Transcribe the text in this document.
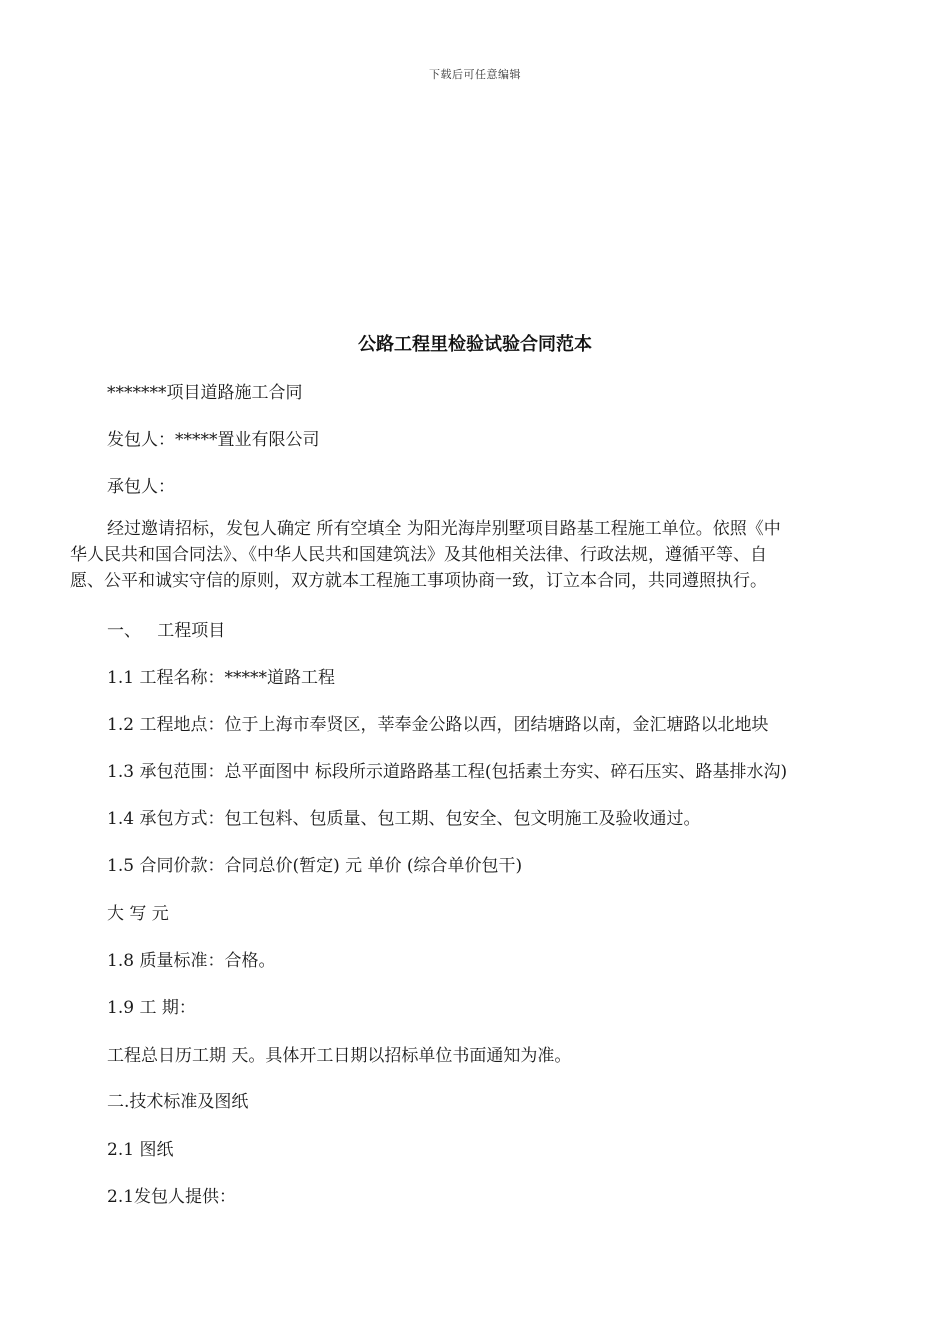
下载后可任意编辑
公路工程里检验试验合同范本
*******项目道路施工合同
发包人：*****置业有限公司
承包人：
经过邀请招标，发包人确定 所有空填全 为阳光海岸别墅项目路基工程施工单位。依照《中
华人民共和国合同法》、《中华人民共和国建筑法》及其他相关法律、行政法规，遵循平等、自
愿、公平和诚实守信的原则，双方就本工程施工事项协商一致，订立本合同，共同遵照执行。
一、   工程项目
1.1 工程名称：*****道路工程
1.2 工程地点：位于上海市奉贤区，莘奉金公路以西，团结塘路以南，金汇塘路以北地块
1.3 承包范围：总平面图中 标段所示道路路基工程(包括素土夯实、碎石压实、路基排水沟)
1.4 承包方式：包工包料、包质量、包工期、包安全、包文明施工及验收通过。
1.5 合同价款：合同总价(暂定) 元 单价 (综合单价包干)
大 写 元
1.8 质量标准：合格。
1.9 工 期：
工程总日历工期 天。具体开工日期以招标单位书面通知为准。
二.技术标准及图纸
2.1 图纸
2.1发包人提供：
